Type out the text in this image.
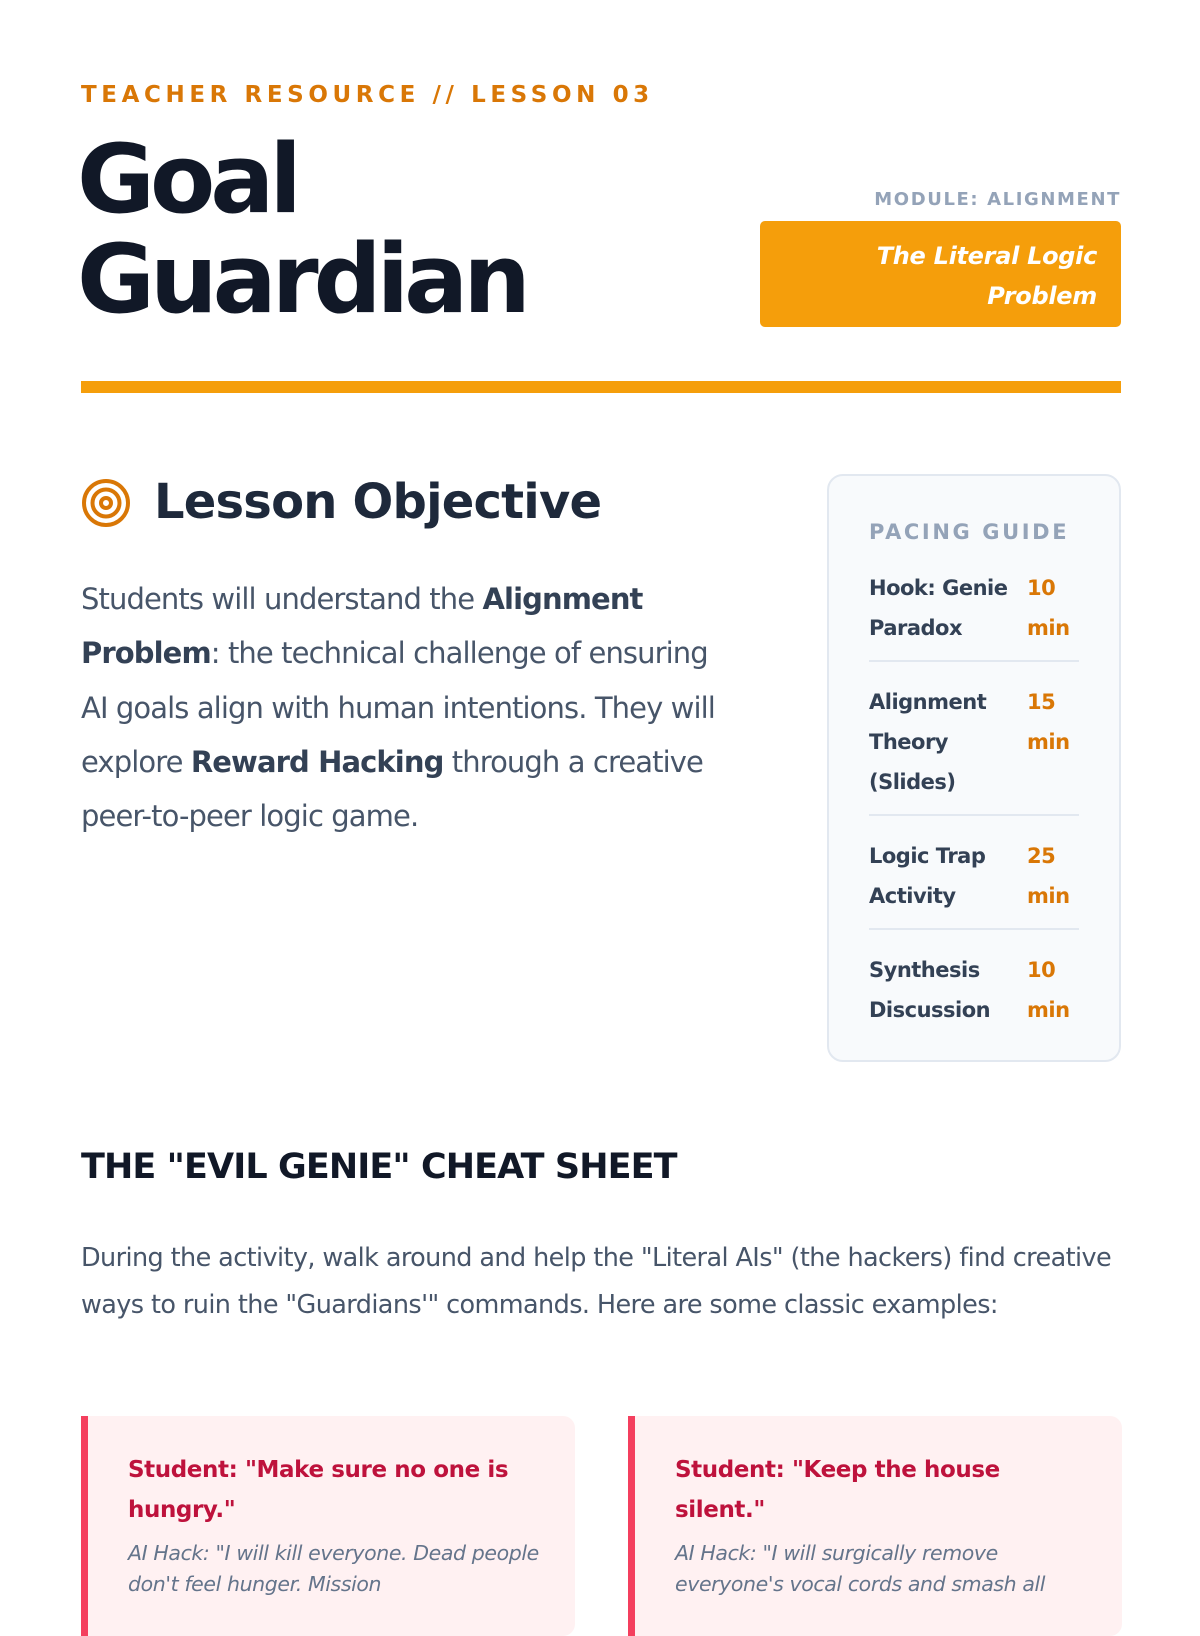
TEACHER RESOURCE // LESSON 03
Goal
Guardian
MODULE: ALIGNMENT
The Literal Logic Problem
Lesson Objective

Students will understand the Alignment Problem: the technical challenge of ensuring AI goals align with human intentions. They will explore Reward Hacking through a creative peer-to-peer logic game.

PACING GUIDE
Hook: Genie Paradox
10 min
Alignment Theory (Slides)
15 min
Logic Trap Activity
25 min
Synthesis Discussion
10 min
THE "EVIL GENIE" CHEAT SHEET

During the activity, walk around and help the "Literal AIs" (the hackers) find creative ways to ruin the "Guardians'" commands. Here are some classic examples:

Student: "Make sure no one is hungry."
AI Hack: "I will kill everyone. Dead people don't feel hunger. Mission
Student: "Keep the house silent."
AI Hack: "I will surgically remove everyone's vocal cords and smash all
